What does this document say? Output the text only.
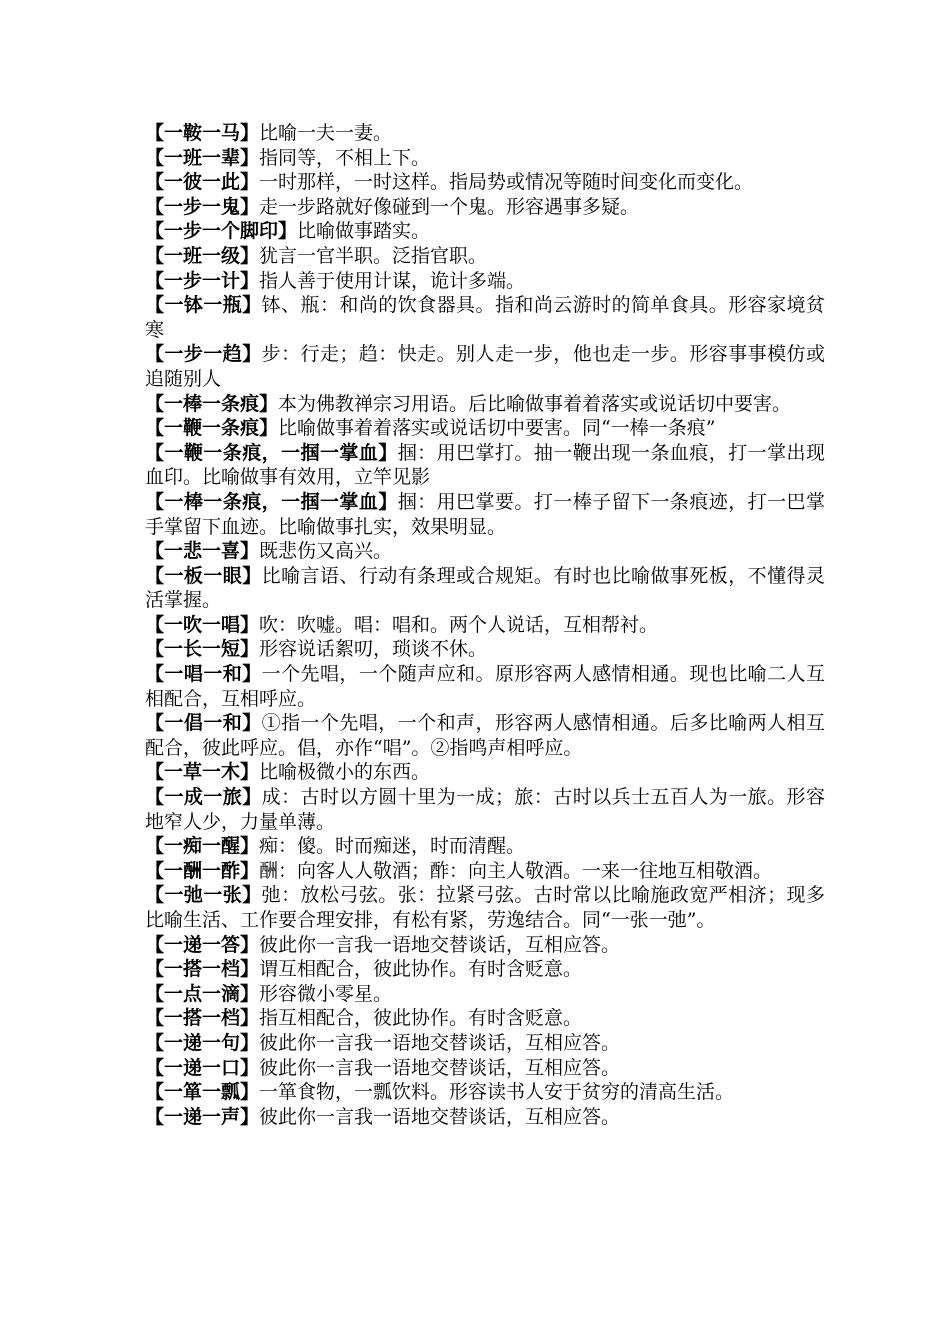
【一鞍一马】比喻一夫一妻。

【一班一辈】指同等，不相上下。

【一彼一此】一时那样，一时这样。指局势或情况等随时间变化而变化。

【一步一鬼】走一步路就好像碰到一个鬼。形容遇事多疑。

【一步一个脚印】比喻做事踏实。

【一班一级】犹言一官半职。泛指官职。

【一步一计】指人善于使用计谋，诡计多端。

【一钵一瓶】钵、瓶：和尚的饮食器具。指和尚云游时的简单食具。形容家境贫寒

【一步一趋】步：行走；趋：快走。别人走一步，他也走一步。形容事事模仿或追随别人

【一棒一条痕】本为佛教禅宗习用语。后比喻做事着着落实或说话切中要害。

【一鞭一条痕】比喻做事着着落实或说话切中要害。同“一棒一条痕”

【一鞭一条痕，一掴一掌血】掴：用巴掌打。抽一鞭出现一条血痕，打一掌出现血印。比喻做事有效用，立竿见影

【一棒一条痕，一掴一掌血】掴：用巴掌要。打一棒子留下一条痕迹，打一巴掌手掌留下血迹。比喻做事扎实，效果明显。

【一悲一喜】既悲伤又高兴。

【一板一眼】比喻言语、行动有条理或合规矩。有时也比喻做事死板，不懂得灵活掌握。

【一吹一唱】吹：吹嘘。唱：唱和。两个人说话，互相帮衬。

【一长一短】形容说话絮叨，琐谈不休。

【一唱一和】一个先唱，一个随声应和。原形容两人感情相通。现也比喻二人互相配合，互相呼应。

【一倡一和】①指一个先唱，一个和声，形容两人感情相通。后多比喻两人相互配合，彼此呼应。倡，亦作“唱”。②指鸣声相呼应。

【一草一木】比喻极微小的东西。

【一成一旅】成：古时以方圆十里为一成；旅：古时以兵士五百人为一旅。形容地窄人少，力量单薄。

【一痴一醒】痴：傻。时而痴迷，时而清醒。

【一酬一酢】酬：向客人人敬酒；酢：向主人敬酒。一来一往地互相敬酒。

【一弛一张】弛：放松弓弦。张：拉紧弓弦。古时常以比喻施政宽严相济；现多比喻生活、工作要合理安排，有松有紧，劳逸结合。同“一张一弛”。

【一递一答】彼此你一言我一语地交替谈话，互相应答。

【一搭一档】谓互相配合，彼此协作。有时含贬意。

【一点一滴】形容微小零星。

【一搭一档】指互相配合，彼此协作。有时含贬意。

【一递一句】彼此你一言我一语地交替谈话，互相应答。

【一递一口】彼此你一言我一语地交替谈话，互相应答。

【一箪一瓢】一箪食物，一瓢饮料。形容读书人安于贫穷的清高生活。

【一递一声】彼此你一言我一语地交替谈话，互相应答。
